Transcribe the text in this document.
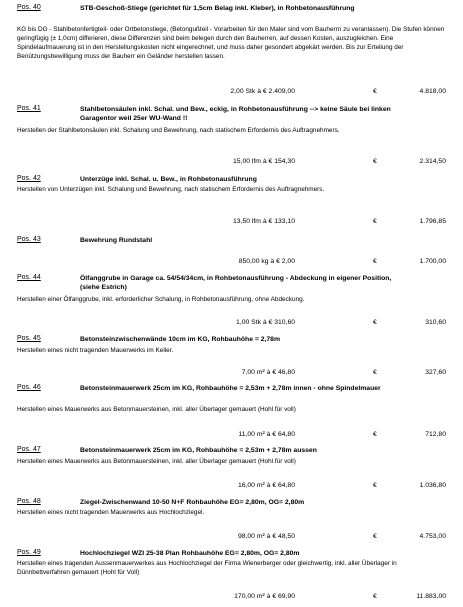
Pos. 40	STB-Geschoß-Stiege (gerichtet für 1,5cm Belag inkl. Kleber), in Rohbetonausführung
KG bis DG - Stahlbetonfertigteil- oder Ortbetonstiege, (Betongußteil - Vorarbeiten für den Maler sind vom Bauherrn zu veranlassen). Die Stufen können geringfügig (± 1,0cm) differieren, diese Differenzen sind beim belegen durch den Bauherren, auf dessen Kosten, auszugleichen. Eine Spindelaufmauerung ist in den Herstellungskosten nicht eingerechnet, und muss daher gesondert abgekärt werden. Bis zur Erteilung der Benützungsbewilligung muss der Bauherr ein Geländer herstellen lassen.
2,00 Stk à € 2.409,00	€	4.818,00
Pos. 41	Stahlbetonsäulen inkl. Schal. und Bew., eckig, in Rohbetonausführung --> keine Säule bei linken Garagentor weil 25er WU-Wand !!
Herstellen der Stahlbetonsäulen inkl. Schalung und Bewehrung, nach statischem Erfordernis des Auftragnehmers.
15,00 lfm à € 154,30	€	2.314,50
Pos. 42	Unterzüge inkl. Schal. u. Bew., in Rohbetonausführung
Herstellen von Unterzügen inkl. Schalung und Bewehrung, nach statischem Erfordernis des Auftragnehmers.
13,50 lfm à € 133,10	€	1.796,85
Pos. 43	Bewehrung Rundstahl
850,00 kg à € 2,00	€	1.700,00
Pos. 44	Ölfanggrube in Garage ca. 54/54/34cm, in Rohbetonausführung - Abdeckung in eigener Position, (siehe Estrich)
Herstellen einer Ölfanggrube, inkl. erforderlicher Schalung, in Rohbetonausführung, ohne Abdeckung.
1,00 Stk à € 310,60	€	310,60
Pos. 45	Betonsteinzwischenwände 10cm im KG, Rohbauhöhe = 2,78m
Herstellen eines nicht tragenden Mauerwerks im Keller.
7,00 m² à € 46,80	€	327,60
Pos. 46	Betonsteinmauerwerk 25cm im KG, Rohbauhöhe = 2,53m + 2,78m innen - ohne Spindelmauer
Herstellen eines Mauerwerks aus Betonmauersteinen, inkl. aller Überlager gemauert (Hohl für voll)
11,00 m² à € 64,80	€	712,80
Pos. 47	Betonsteinmauerwerk 25cm im KG, Rohbauhöhe = 2,53m + 2,78m aussen
Herstellen eines Mauerwerks aus Betonmauersteinen, inkl. aller Überlager gemauert (Hohl für voll)
16,00 m² à € 64,80	€	1.036,80
Pos. 48	Ziegel-Zwischenwand 10-50 N+F Rohbauhöhe EG= 2,80m, OG= 2,80m
Herstellen eines nicht tragenden Mauerwerks aus Hochlochziegel.
98,00 m² à € 48,50	€	4.753,00
Pos. 49	Hochlochziegel WZI 25-38 Plan Rohbauhöhe EG= 2,80m, OG= 2,80m
Herstellen eines tragenden Aussenmauerwerkes aus Hochlochziegel der Firma Wienerberger oder gleichwertig, inkl. aller Überlager in Dünnbettverfahren gemauert (Hohl für Voll)
170,00 m² à € 69,90	€	11.883,00
